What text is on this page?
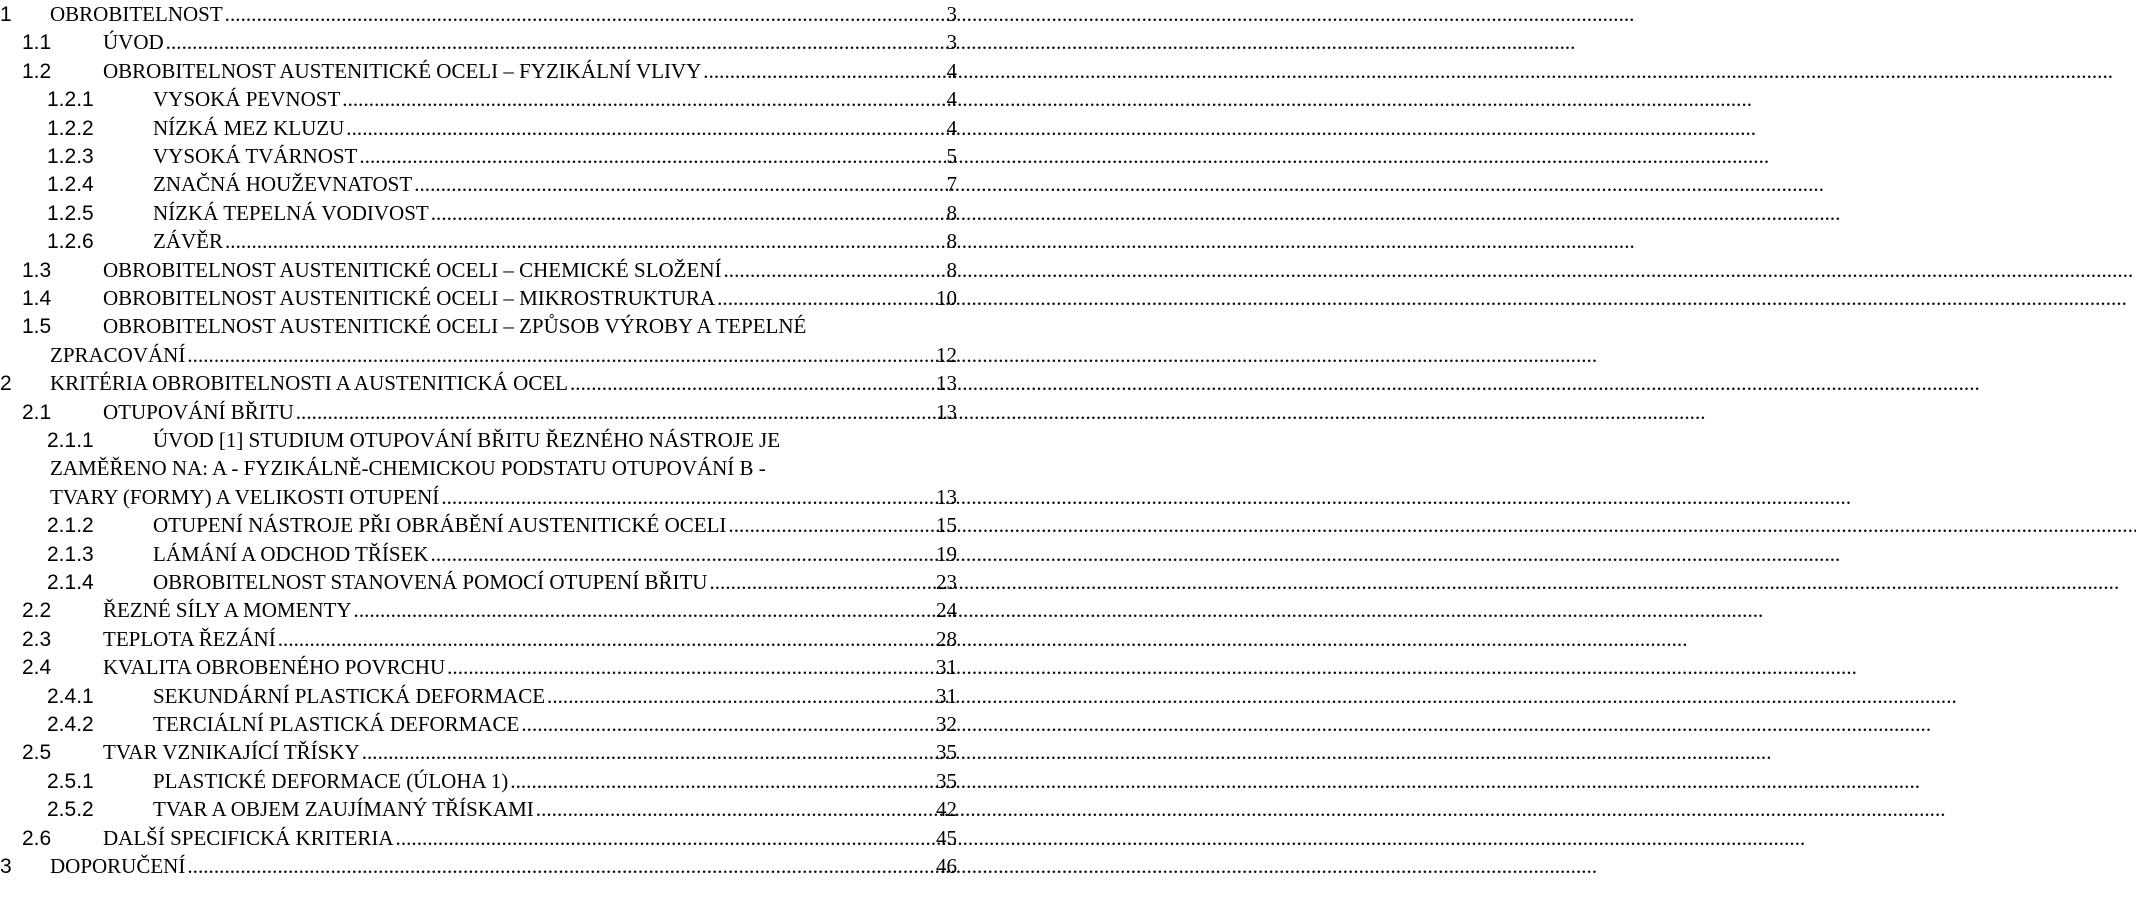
1 OBROBITELNOST . . .	3
1.1 ÚVOD . . .	3
1.2 OBROBITELNOST AUSTENITICKÉ OCELI – FYZIKÁLNÍ VLIVY . . .	4
1.2.1	VYSOKÁ PEVNOST . . .	4
1.2.2	NÍZKÁ MEZ KLUZU . . .	4
1.2.3	VYSOKÁ TVÁRNOST . . .	5
1.2.4	ZNAČNÁ HOUŽEVNATOST . . .	7
1.2.5	NÍZKÁ TEPELNÁ VODIVOST . . .	8
1.2.6	ZÁVĚR . . .	8
1.3 OBROBITELNOST AUSTENITICKÉ OCELI – CHEMICKÉ SLOŽENÍ . . .	8
1.4 OBROBITELNOST AUSTENITICKÉ OCELI – MIKROSTRUKTURA . . .	10
1.5 OBROBITELNOST AUSTENITICKÉ OCELI – ZPŮSOB VÝROBY A TEPELNÉ
ZPRACOVÁNÍ . . .	12
2 KRITÉRIA OBROBITELNOSTI A AUSTENITICKÁ OCEL . . .	13
2.1 OTUPOVÁNÍ BŘITU . . .	13
2.1.1	ÚVOD [1] STUDIUM OTUPOVÁNÍ BŘITU ŘEZNÉHO NÁSTROJE JE
ZAMĚŘENO NA: A - FYZIKÁLNĚ-CHEMICKOU PODSTATU OTUPOVÁNÍ B -
TVARY (FORMY) A VELIKOSTI OTUPENÍ . . .	13
2.1.2	OTUPENÍ NÁSTROJE PŘI OBRÁBĚNÍ AUSTENITICKÉ OCELI . . .	15
2.1.3	LÁMÁNÍ A ODCHOD TŘÍSEK . . .	19
2.1.4	OBROBITELNOST STANOVENÁ POMOCÍ OTUPENÍ BŘITU . . .	23
2.2 ŘEZNÉ SÍLY A MOMENTY . . .	24
2.3 TEPLOTA ŘEZÁNÍ . . .	28
2.4 KVALITA OBROBENÉHO POVRCHU . . .	31
2.4.1	SEKUNDÁRNÍ PLASTICKÁ DEFORMACE . . .	31
2.4.2	TERCIÁLNÍ PLASTICKÁ DEFORMACE . . .	32
2.5 TVAR VZNIKAJÍCÍ TŘÍSKY . . .	35
2.5.1	PLASTICKÉ DEFORMACE (ÚLOHA 1) . . .	35
2.5.2	TVAR A OBJEM ZAUJÍMANÝ TŘÍSKAMI . . .	42
2.6 DALŠÍ SPECIFICKÁ KRITERIA . . .	45
3 DOPORUČENÍ . . .	46
